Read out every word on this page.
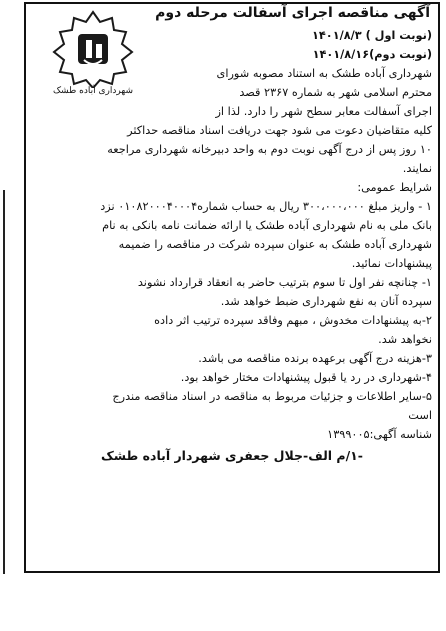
شهرداری آباده طشک
آگهی مناقصه اجرای آسفالت مرحله دوم

(نوبت اول ) ۱۴۰۱/۸/۳

(نوبت دوم)۱۴۰۱/۸/۱۶

شهرداری آباده طشک به استناد مصوبه شورای

محترم اسلامی شهر به شماره ۲۳۶۷ قصد

اجرای آسفالت معابر سطح شهر را دارد. لذا از

کلیه متقاضیان دعوت می شود جهت دریافت اسناد مناقصه حداکثر

۱۰ روز پس از درج آگهی نوبت دوم به واحد دبیرخانه شهرداری مراجعه

نمایند.

شرایط عمومی:

۱ - واریز مبلغ ۳۰۰،۰۰۰،۰۰۰ ریال به حساب شماره۰۱۰۸۲۰۰۰۴۰۰۰۴ نزد

بانک ملی به نام شهرداری آباده طشک یا ارائه ضمانت نامه بانکی به نام

شهرداری آباده طشک به عنوان سپرده شرکت در مناقصه را ضمیمه

پیشنهادات نمائید.

۱- چنانچه نفر اول تا سوم بترتیب حاضر به انعقاد قرارداد نشوند

سپرده آنان به نفع شهرداری ضبط خواهد شد.

۲-به پیشنهادات مخدوش ، مبهم وفاقد سپرده ترتیب اثر داده

نخواهد شد.

۳-هزینه درج آگهی برعهده برنده مناقصه می باشد.

۴-شهرداری در رد یا قبول پیشنهادات مختار خواهد بود.

۵-سایر اطلاعات و جزئیات مربوط به مناقصه در اسناد مناقصه مندرج

است

شناسه آگهی:۱۳۹۹۰۰۵

-۱/م الف-جلال جعفری شهردار آباده طشک
